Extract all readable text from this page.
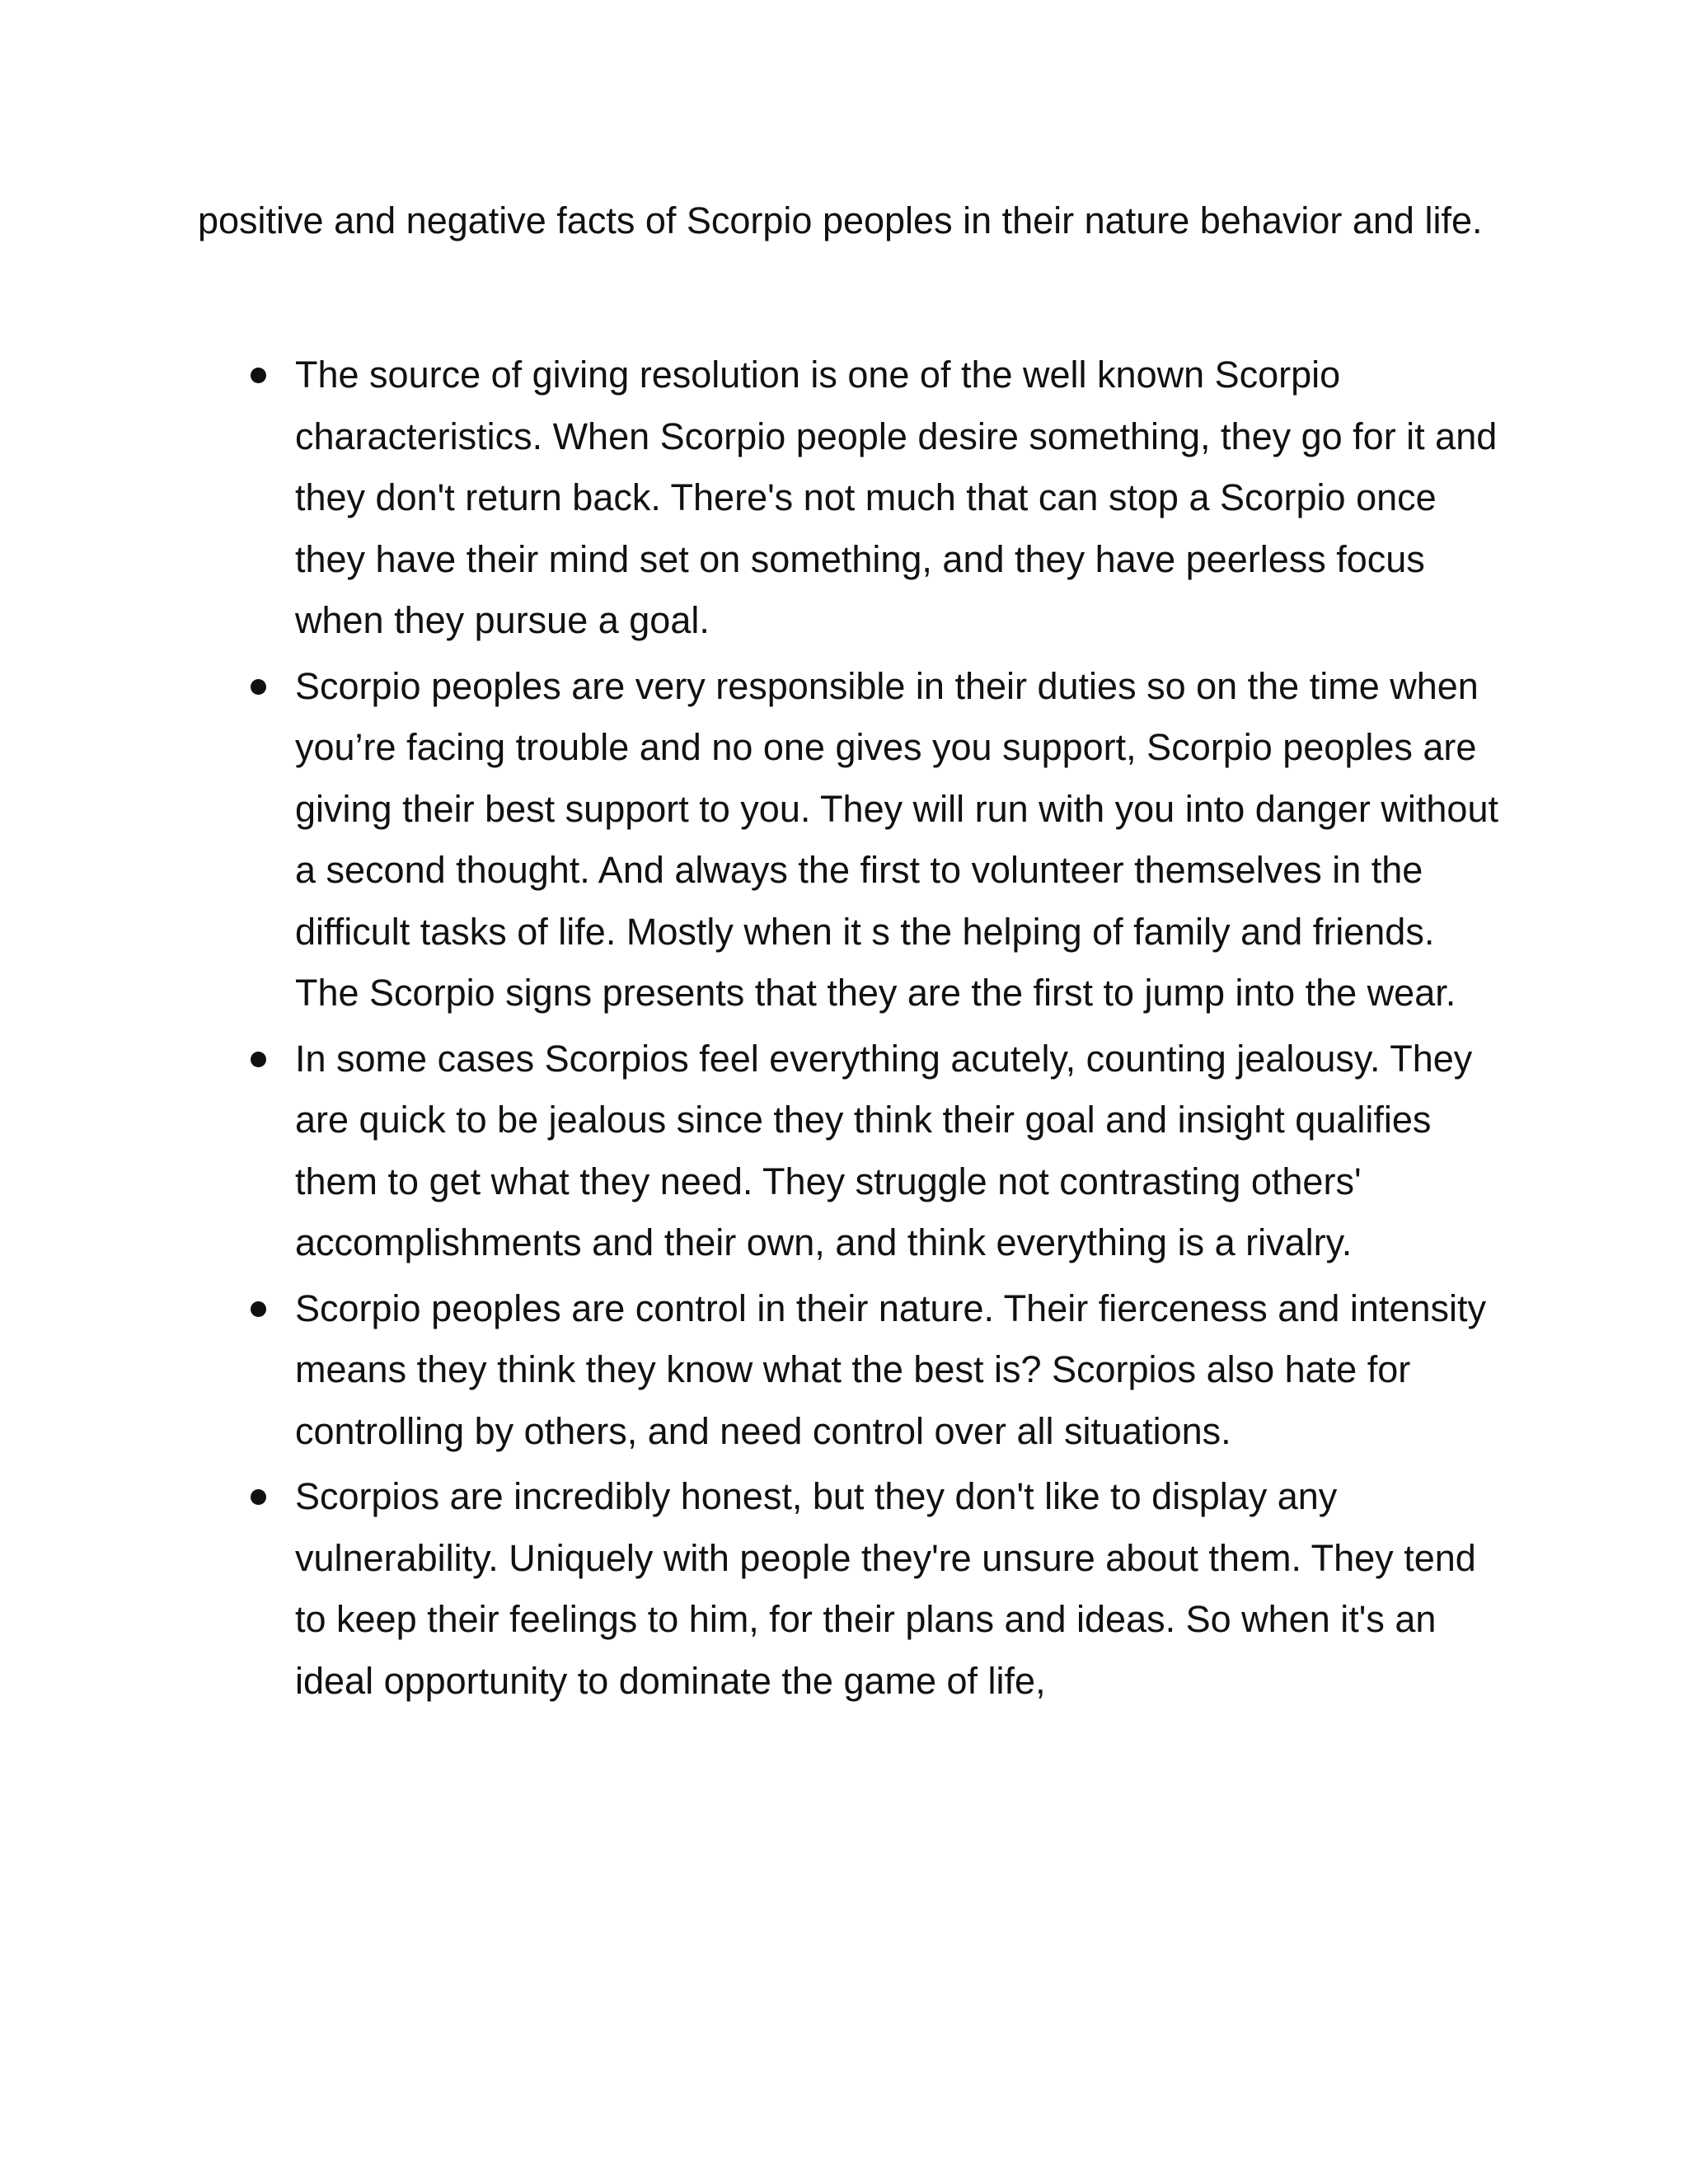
positive and negative facts of Scorpio peoples in their nature behavior and life.

The source of giving resolution is one of the well known Scorpio characteristics. When Scorpio people desire something, they go for it and they don't return back. There's not much that can stop a Scorpio once they have their mind set on something, and they have peerless focus when they pursue a goal.
Scorpio peoples are very responsible in their duties so on the time when you’re facing trouble and no one gives you support, Scorpio peoples are giving their best support to you. They will run with you into danger without a second thought. And always the first to volunteer themselves in the difficult tasks of life. Mostly when it s the helping of family and friends. The Scorpio signs presents that they are the first to jump into the wear.
In some cases Scorpios feel everything acutely, counting jealousy. They are quick to be jealous since they think their goal and insight qualifies them to get what they need. They struggle not contrasting others' accomplishments and their own, and think everything is a rivalry.
Scorpio peoples are control in their nature. Their fierceness and intensity means they think they know what the best is? Scorpios also hate for controlling by others, and need control over all situations.
Scorpios are incredibly honest, but they don't like to display any vulnerability. Uniquely with people they're unsure about them. They tend to keep their feelings to him, for their plans and ideas. So when it's an ideal opportunity to dominate the game of life,
